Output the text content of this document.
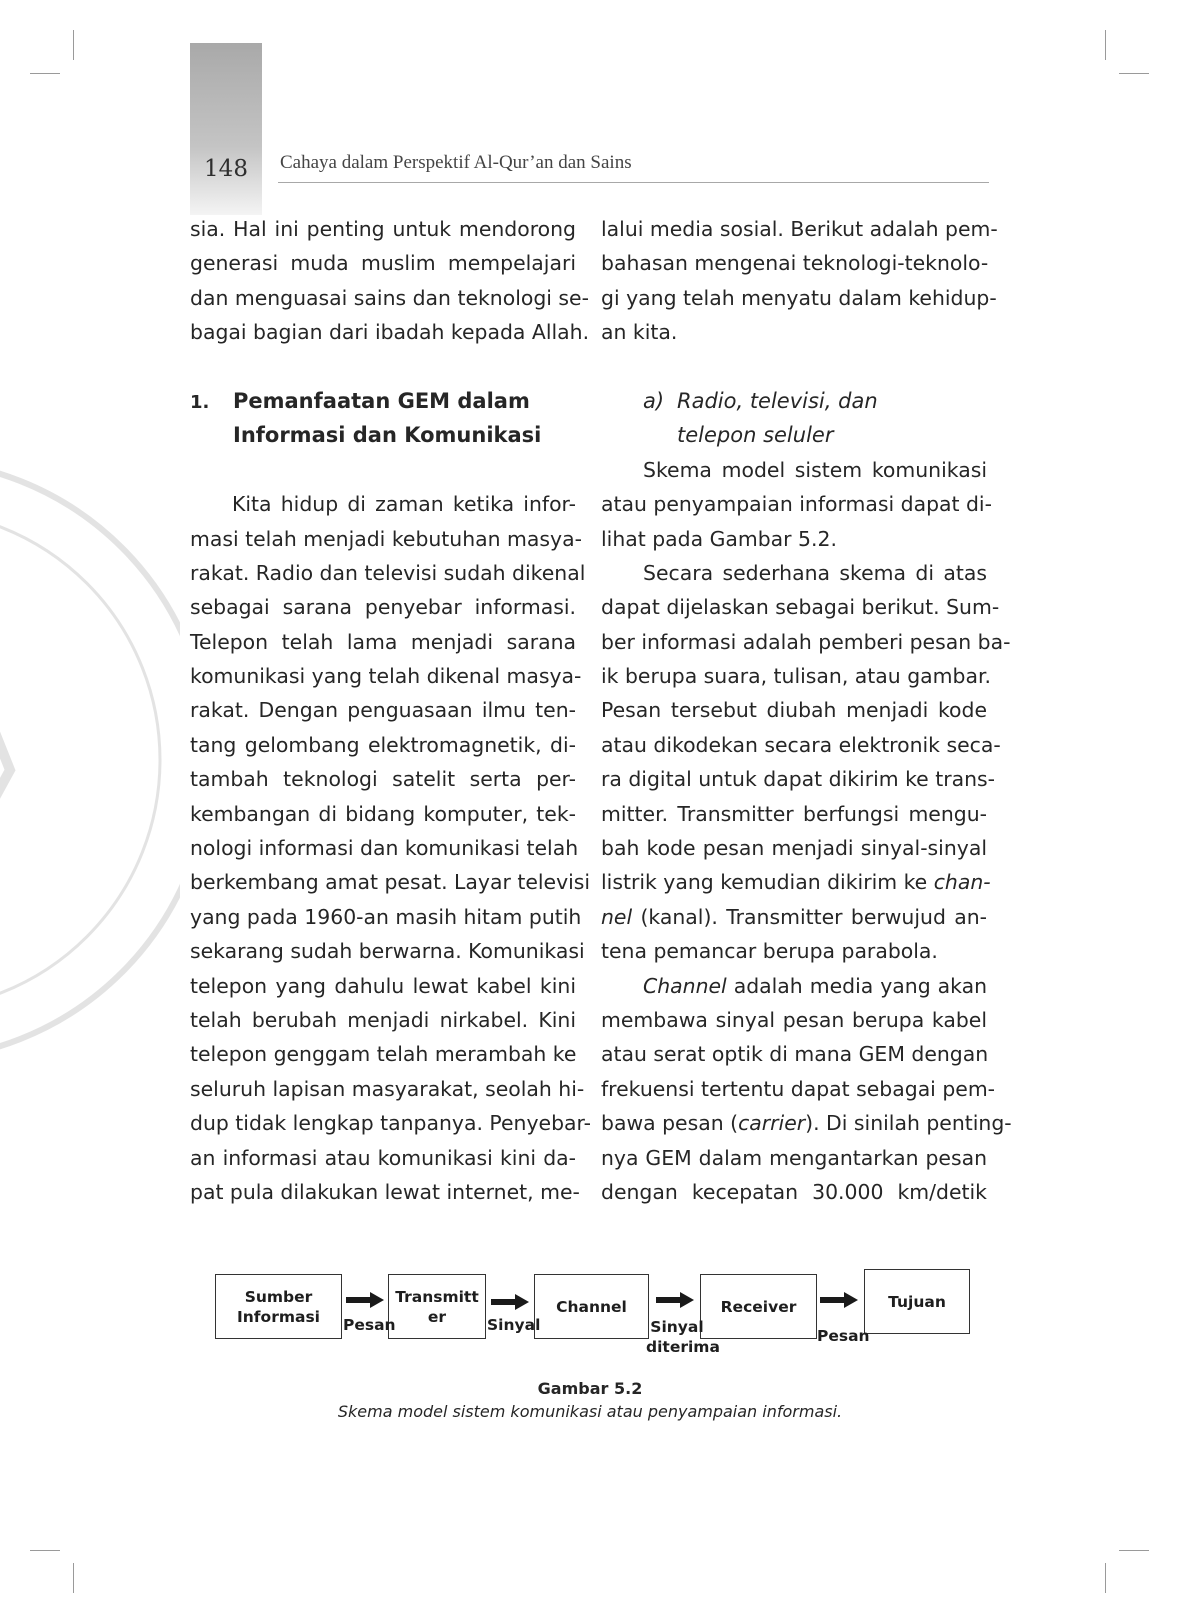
148	Cahaya dalam Perspektif Al-Qur’an dan Sains
sia. Hal ini penting untuk mendorong
generasi muda muslim mempelajari
dan menguasai sains dan teknologi se-
bagai bagian dari ibadah kepada Allah.
1. Pemanfaatan GEM dalam
Informasi dan Komunikasi
Kita hidup di zaman ketika infor-
masi telah menjadi kebutuhan masya-
rakat. Radio dan televisi sudah dikenal
sebagai sarana penyebar informasi.
Telepon telah lama menjadi sarana
komunikasi yang telah dikenal masya-
rakat. Dengan penguasaan ilmu ten-
tang gelombang elektromagnetik, di-
tambah teknologi satelit serta per-
kembangan di bidang komputer, tek-
nologi informasi dan komunikasi telah
berkembang amat pesat. Layar televisi
yang pada 1960-an masih hitam putih
sekarang sudah berwarna. Komunikasi
telepon yang dahulu lewat kabel kini
telah berubah menjadi nirkabel. Kini
telepon genggam telah merambah ke
seluruh lapisan masyarakat, seolah hi-
dup tidak lengkap tanpanya. Penyebar-
an informasi atau komunikasi kini da-
pat pula dilakukan lewat internet, me-
lalui media sosial. Berikut adalah pem-
bahasan mengenai teknologi-teknolo-
gi yang telah menyatu dalam kehidup-
an kita.
a) Radio, televisi, dan
telepon seluler
Skema model sistem komunikasi
atau penyampaian informasi dapat di-
lihat pada Gambar 5.2.
Secara sederhana skema di atas
dapat dijelaskan sebagai berikut. Sum-
ber informasi adalah pemberi pesan ba-
ik berupa suara, tulisan, atau gambar.
Pesan tersebut diubah menjadi kode
atau dikodekan secara elektronik seca-
ra digital untuk dapat dikirim ke trans-
mitter. Transmitter berfungsi mengu-
bah kode pesan menjadi sinyal-sinyal
listrik yang kemudian dikirim ke chan-
nel (kanal). Transmitter berwujud an-
tena pemancar berupa parabola.
Channel adalah media yang akan
membawa sinyal pesan berupa kabel
atau serat optik di mana GEM dengan
frekuensi tertentu dapat sebagai pem-
bawa pesan (carrier). Di sinilah penting-
nya GEM dalam mengantarkan pesan
dengan kecepatan 30.000 km/detik
Sumber
Informasi
Transmitt
er
Channel	Receiver	Tujuan
Pesan	Sinyal	Sinyal
diterima
Pesan
Gambar 5.2
Skema model sistem komunikasi atau penyampaian informasi.
